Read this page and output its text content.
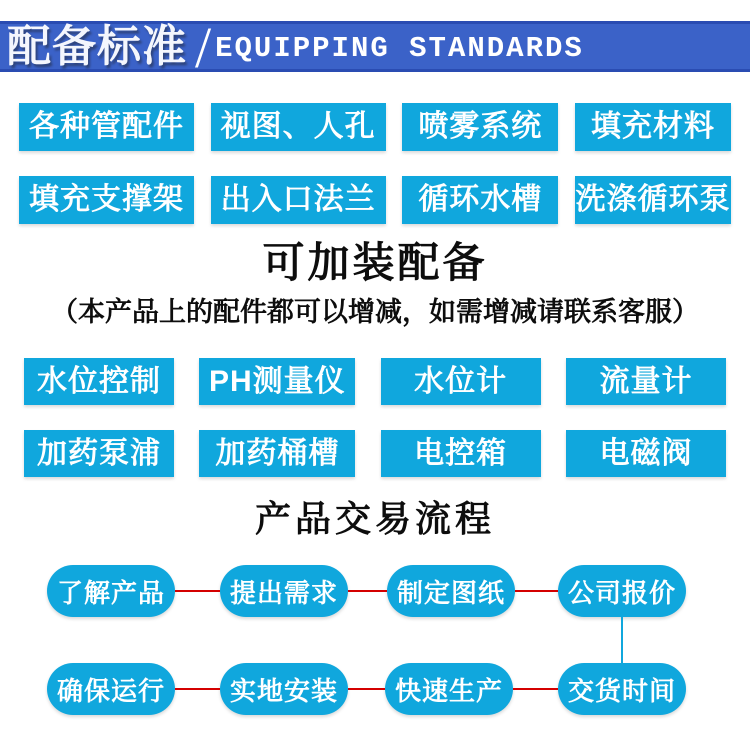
配备标准 / EQUIPPING STANDARDS
各种管配件	视图、人孔	喷雾系统	填充材料
填充支撑架	出入口法兰	循环水槽	洗涤循环泵
可加装配备
（本产品上的配件都可以增减，如需增减请联系客服）
水位控制	PH测量仪	水位计	流量计
加药泵浦	加药桶槽	电控箱	电磁阀
产品交易流程
了解产品	提出需求	制定图纸	公司报价
确保运行	实地安装	快速生产	交货时间
